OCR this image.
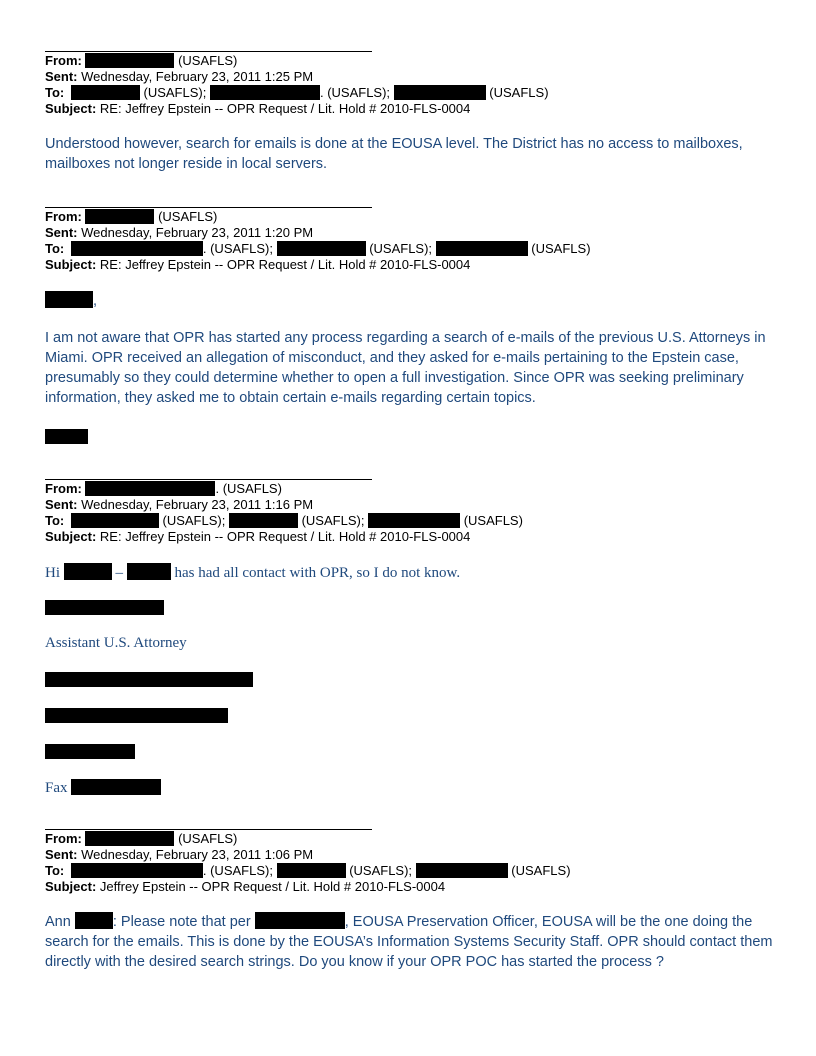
From:	(USAFLS)
Sent: Wednesday, February 23, 2011 1:25 PM
To:	(USAFLS);	. (USAFLS);	(USAFLS)
Subject: RE: Jeffrey Epstein -- OPR Request / Lit. Hold # 2010-FLS-0004
Understood however, search for emails is done at the EOUSA level. The District has no access to mailboxes, mailboxes not longer reside in local servers.
From:	(USAFLS)
Sent: Wednesday, February 23, 2011 1:20 PM
To:	. (USAFLS);	(USAFLS);	(USAFLS)
Subject: RE: Jeffrey Epstein -- OPR Request / Lit. Hold # 2010-FLS-0004
,
I am not aware that OPR has started any process regarding a search of e-mails of the previous U.S. Attorneys in Miami. OPR received an allegation of misconduct, and they asked for e-mails pertaining to the Epstein case, presumably so they could determine whether to open a full investigation. Since OPR was seeking preliminary information, they asked me to obtain certain e-mails regarding certain topics.
From:	. (USAFLS)
Sent: Wednesday, February 23, 2011 1:16 PM
To:	(USAFLS);	(USAFLS);	(USAFLS)
Subject: RE: Jeffrey Epstein -- OPR Request / Lit. Hold # 2010-FLS-0004
Hi	–	has had all contact with OPR, so I do not know.
Assistant U.S. Attorney
Fax
From:	(USAFLS)
Sent: Wednesday, February 23, 2011 1:06 PM
To:	. (USAFLS);	(USAFLS);	(USAFLS)
Subject: Jeffrey Epstein -- OPR Request / Lit. Hold # 2010-FLS-0004
Ann	: Please note that per	, EOUSA Preservation Officer, EOUSA will be the one doing the search for the emails. This is done by the EOUSA’s Information Systems Security Staff. OPR should contact them directly with the desired search strings. Do you know if your OPR POC has started the process ?
